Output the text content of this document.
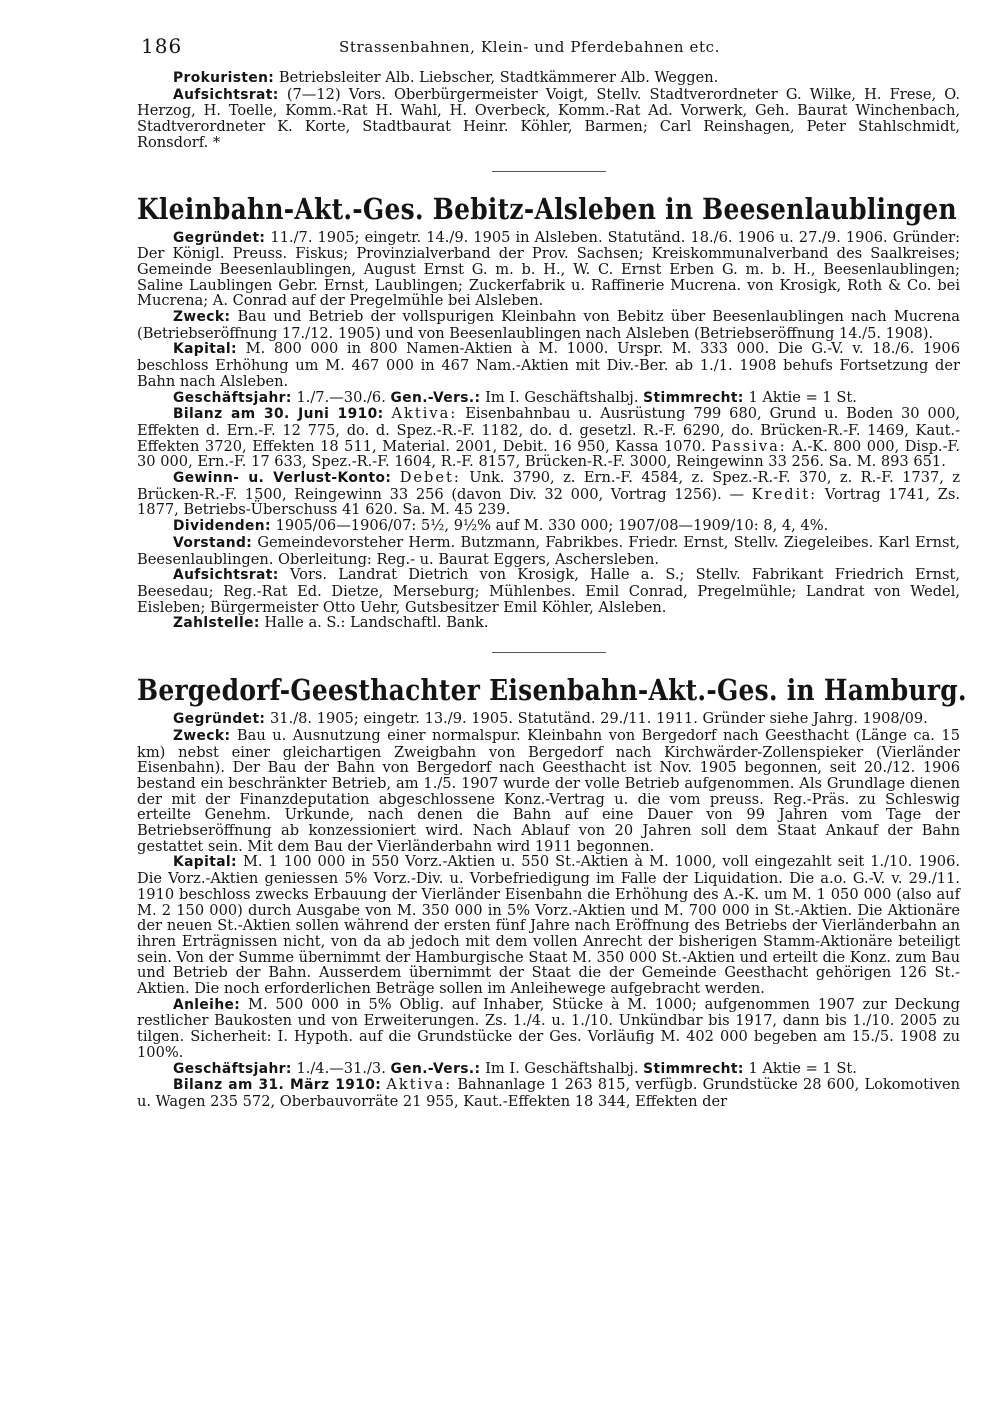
186	Strassenbahnen, Klein- und Pferdebahnen etc.

Prokuristen: Betriebsleiter Alb. Liebscher, Stadtkämmerer Alb. Weggen.

Aufsichtsrat: (7—12) Vors. Oberbürgermeister Voigt, Stellv. Stadtverordneter G. Wilke, H. Frese, O. Herzog, H. Toelle, Komm.-Rat H. Wahl, H. Overbeck, Komm.-Rat Ad. Vorwerk, Geh. Baurat Winchenbach, Stadtverordneter K. Korte, Stadtbaurat Heinr. Köhler, Barmen; Carl Reinshagen, Peter Stahlschmidt, Ronsdorf. *

Kleinbahn-Akt.-Ges. Bebitz-Alsleben in Beesenlaublingen

Gegründet: 11./7. 1905; eingetr. 14./9. 1905 in Alsleben. Statutänd. 18./6. 1906 u. 27./9. 1906. Gründer: Der Königl. Preuss. Fiskus; Provinzialverband der Prov. Sachsen; Kreiskommunalverband des Saalkreises; Gemeinde Beesenlaublingen, August Ernst G. m. b. H., W. C. Ernst Erben G. m. b. H., Beesenlaublingen; Saline Laublingen Gebr. Ernst, Laublingen; Zuckerfabrik u. Raffinerie Mucrena. von Krosigk, Roth & Co. bei Mucrena; A. Conrad auf der Pregelmühle bei Alsleben.

Zweck: Bau und Betrieb der vollspurigen Kleinbahn von Bebitz über Beesenlaublingen nach Mucrena (Betriebseröffnung 17./12. 1905) und von Beesenlaublingen nach Alsleben (Betriebseröffnung 14./5. 1908).

Kapital: M. 800 000 in 800 Namen-Aktien à M. 1000. Urspr. M. 333 000. Die G.-V. v. 18./6. 1906 beschloss Erhöhung um M. 467 000 in 467 Nam.-Aktien mit Div.-Ber. ab 1./1. 1908 behufs Fortsetzung der Bahn nach Alsleben.

Geschäftsjahr: 1./7.—30./6. Gen.-Vers.: Im I. Geschäftshalbj. Stimmrecht: 1 Aktie = 1 St.

Bilanz am 30. Juni 1910: Aktiva: Eisenbahnbau u. Ausrüstung 799 680, Grund u. Boden 30 000, Effekten d. Ern.-F. 12 775, do. d. Spez.-R.-F. 1182, do. d. gesetzl. R.-F. 6290, do. Brücken-R.-F. 1469, Kaut.-Effekten 3720, Effekten 18 511, Material. 2001, Debit. 16 950, Kassa 1070. Passiva: A.-K. 800 000, Disp.-F. 30 000, Ern.-F. 17 633, Spez.-R.-F. 1604, R.-F. 8157, Brücken-R.-F. 3000, Reingewinn 33 256. Sa. M. 893 651.

Gewinn- u. Verlust-Konto: Debet: Unk. 3790, z. Ern.-F. 4584, z. Spez.-R.-F. 370, z. R.-F. 1737, z Brücken-R.-F. 1500, Reingewinn 33 256 (davon Div. 32 000, Vortrag 1256). — Kredit: Vortrag 1741, Zs. 1877, Betriebs-Überschuss 41 620. Sa. M. 45 239.

Dividenden: 1905/06—1906/07: 5½, 9½% auf M. 330 000; 1907/08—1909/10: 8, 4, 4%.

Vorstand: Gemeindevorsteher Herm. Butzmann, Fabrikbes. Friedr. Ernst, Stellv. Ziegeleibes. Karl Ernst, Beesenlaublingen. Oberleitung: Reg.- u. Baurat Eggers, Aschersleben.

Aufsichtsrat: Vors. Landrat Dietrich von Krosigk, Halle a. S.; Stellv. Fabrikant Friedrich Ernst, Beesedau; Reg.-Rat Ed. Dietze, Merseburg; Mühlenbes. Emil Conrad, Pregelmühle; Landrat von Wedel, Eisleben; Bürgermeister Otto Uehr, Gutsbesitzer Emil Köhler, Alsleben.

Zahlstelle: Halle a. S.: Landschaftl. Bank.

Bergedorf-Geesthachter Eisenbahn-Akt.-Ges. in Hamburg.

Gegründet: 31./8. 1905; eingetr. 13./9. 1905. Statutänd. 29./11. 1911. Gründer siehe Jahrg. 1908/09.

Zweck: Bau u. Ausnutzung einer normalspur. Kleinbahn von Bergedorf nach Geesthacht (Länge ca. 15 km) nebst einer gleichartigen Zweigbahn von Bergedorf nach Kirchwärder-Zollenspieker (Vierländer Eisenbahn). Der Bau der Bahn von Bergedorf nach Geesthacht ist Nov. 1905 begonnen, seit 20./12. 1906 bestand ein beschränkter Betrieb, am 1./5. 1907 wurde der volle Betrieb aufgenommen. Als Grundlage dienen der mit der Finanzdeputation abgeschlossene Konz.-Vertrag u. die vom preuss. Reg.-Präs. zu Schleswig erteilte Genehm. Urkunde, nach denen die Bahn auf eine Dauer von 99 Jahren vom Tage der Betriebseröffnung ab konzessioniert wird. Nach Ablauf von 20 Jahren soll dem Staat Ankauf der Bahn gestattet sein. Mit dem Bau der Vierländerbahn wird 1911 begonnen.

Kapital: M. 1 100 000 in 550 Vorz.-Aktien u. 550 St.-Aktien à M. 1000, voll eingezahlt seit 1./10. 1906. Die Vorz.-Aktien geniessen 5% Vorz.-Div. u. Vorbefriedigung im Falle der Liquidation. Die a.o. G.-V. v. 29./11. 1910 beschloss zwecks Erbauung der Vierländer Eisenbahn die Erhöhung des A.-K. um M. 1 050 000 (also auf M. 2 150 000) durch Ausgabe von M. 350 000 in 5% Vorz.-Aktien und M. 700 000 in St.-Aktien. Die Aktionäre der neuen St.-Aktien sollen während der ersten fünf Jahre nach Eröffnung des Betriebs der Vierländerbahn an ihren Erträgnissen nicht, von da ab jedoch mit dem vollen Anrecht der bisherigen Stamm-Aktionäre beteiligt sein. Von der Summe übernimmt der Hamburgische Staat M. 350 000 St.-Aktien und erteilt die Konz. zum Bau und Betrieb der Bahn. Ausserdem übernimmt der Staat die der Gemeinde Geesthacht gehörigen 126 St.-Aktien. Die noch erforderlichen Beträge sollen im Anleihewege aufgebracht werden.

Anleihe: M. 500 000 in 5% Oblig. auf Inhaber, Stücke à M. 1000; aufgenommen 1907 zur Deckung restlicher Baukosten und von Erweiterungen. Zs. 1./4. u. 1./10. Unkündbar bis 1917, dann bis 1./10. 2005 zu tilgen. Sicherheit: I. Hypoth. auf die Grundstücke der Ges. Vorläufig M. 402 000 begeben am 15./5. 1908 zu 100%.

Geschäftsjahr: 1./4.—31./3. Gen.-Vers.: Im I. Geschäftshalbj. Stimmrecht: 1 Aktie = 1 St.

Bilanz am 31. März 1910: Aktiva: Bahnanlage 1 263 815, verfügb. Grundstücke 28 600, Lokomotiven u. Wagen 235 572, Oberbauvorräte 21 955, Kaut.-Effekten 18 344, Effekten der
